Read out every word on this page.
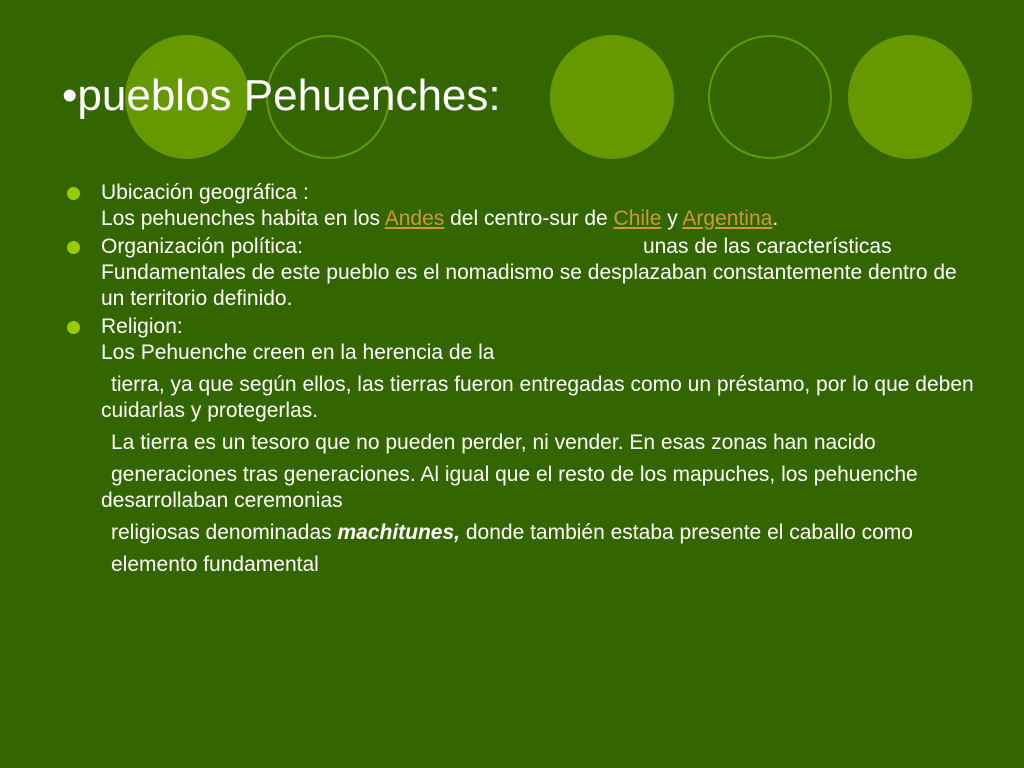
•pueblos Pehuenches:
Ubicación geográfica :
Los pehuenches habita en los Andes del centro-sur de Chile y Argentina.
Organización política:	unas de las características Fundamentales de este pueblo es el nomadismo se desplazaban constantemente dentro de un territorio definido.
Religion:
Los Pehuenche creen en la herencia de la
tierra, ya que según ellos, las tierras fueron entregadas como un préstamo, por lo que deben cuidarlas y protegerlas.
La tierra es un tesoro que no pueden perder, ni vender. En esas zonas han nacido
generaciones tras generaciones. Al igual que el resto de los mapuches, los pehuenche desarrollaban ceremonias
religiosas denominadas machitunes, donde también estaba presente el caballo como
elemento fundamental
